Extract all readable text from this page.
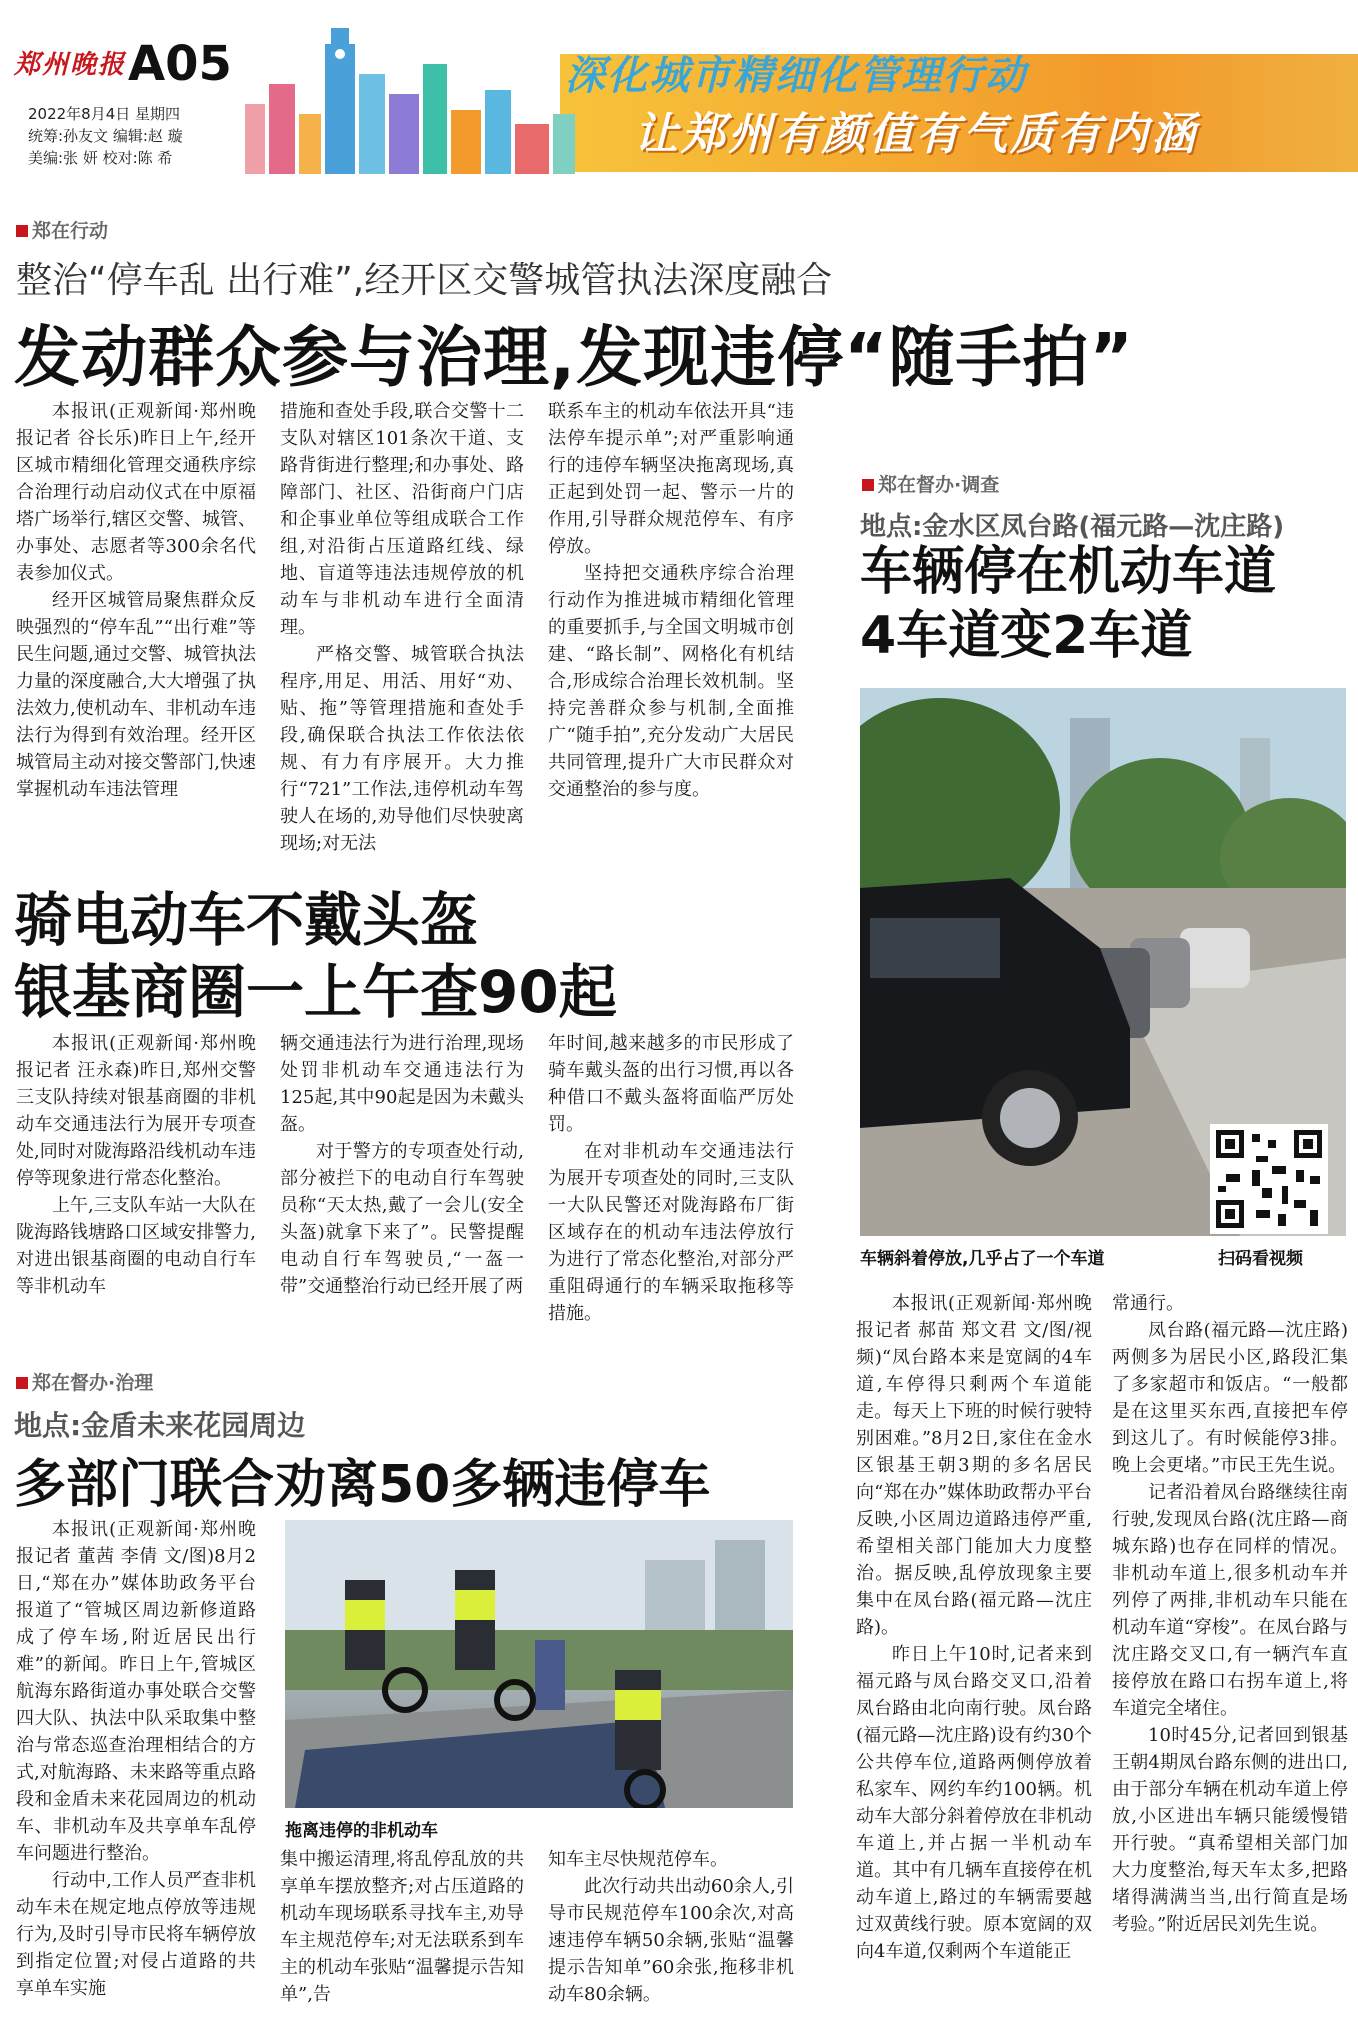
郑州晚报 A05
2022年8月4日 星期四
统筹:孙友文 编辑:赵 璇
美编:张 妍 校对:陈 希
深化城市精细化管理行动
让郑州有颜值有气质有内涵
郑在行动
整治“停车乱 出行难”,经开区交警城管执法深度融合
发动群众参与治理,发现违停“随手拍”

本报讯(正观新闻·郑州晚报记者 谷长乐)昨日上午,经开区城市精细化管理交通秩序综合治理行动启动仪式在中原福塔广场举行,辖区交警、城管、办事处、志愿者等300余名代表参加仪式。

经开区城管局聚焦群众反映强烈的“停车乱”“出行难”等民生问题,通过交警、城管执法力量的深度融合,大大增强了执法效力,使机动车、非机动车违法行为得到有效治理。经开区城管局主动对接交警部门,快速掌握机动车违法管理

措施和查处手段,联合交警十二支队对辖区101条次干道、支路背街进行整理;和办事处、路障部门、社区、沿街商户门店和企事业单位等组成联合工作组,对沿街占压道路红线、绿地、盲道等违法违规停放的机动车与非机动车进行全面清理。

严格交警、城管联合执法程序,用足、用活、用好“劝、贴、拖”等管理措施和查处手段,确保联合执法工作依法依规、有力有序展开。大力推行“721”工作法,违停机动车驾驶人在场的,劝导他们尽快驶离现场;对无法

联系车主的机动车依法开具“违法停车提示单”;对严重影响通行的违停车辆坚决拖离现场,真正起到处罚一起、警示一片的作用,引导群众规范停车、有序停放。

坚持把交通秩序综合治理行动作为推进城市精细化管理的重要抓手,与全国文明城市创建、“路长制”、网格化有机结合,形成综合治理长效机制。坚持完善群众参与机制,全面推广“随手拍”,充分发动广大居民共同管理,提升广大市民群众对交通整治的参与度。

骑电动车不戴头盔
银基商圈一上午查90起

本报讯(正观新闻·郑州晚报记者 汪永森)昨日,郑州交警三支队持续对银基商圈的非机动车交通违法行为展开专项查处,同时对陇海路沿线机动车违停等现象进行常态化整治。

上午,三支队车站一大队在陇海路钱塘路口区域安排警力,对进出银基商圈的电动自行车等非机动车

辆交通违法行为进行治理,现场处罚非机动车交通违法行为125起,其中90起是因为未戴头盔。

对于警方的专项查处行动,部分被拦下的电动自行车驾驶员称“天太热,戴了一会儿(安全头盔)就拿下来了”。民警提醒电动自行车驾驶员,“一盔一带”交通整治行动已经开展了两

年时间,越来越多的市民形成了骑车戴头盔的出行习惯,再以各种借口不戴头盔将面临严厉处罚。

在对非机动车交通违法行为展开专项查处的同时,三支队一大队民警还对陇海路布厂街区域存在的机动车违法停放行为进行了常态化整治,对部分严重阻碍通行的车辆采取拖移等措施。

郑在督办·治理
地点:金盾未来花园周边
多部门联合劝离50多辆违停车

本报讯(正观新闻·郑州晚报记者 董茜 李倩 文/图)8月2日,“郑在办”媒体助政务平台报道了“管城区周边新修道路成了停车场,附近居民出行难”的新闻。昨日上午,管城区航海东路街道办事处联合交警四大队、执法中队采取集中整治与常态巡查治理相结合的方式,对航海路、未来路等重点路段和金盾未来花园周边的机动车、非机动车及共享单车乱停车问题进行整治。

行动中,工作人员严查非机动车未在规定地点停放等违规行为,及时引导市民将车辆停放到指定位置;对侵占道路的共享单车实施

拖离违停的非机动车

集中搬运清理,将乱停乱放的共享单车摆放整齐;对占压道路的机动车现场联系寻找车主,劝导车主规范停车;对无法联系到车主的机动车张贴“温馨提示告知单”,告

知车主尽快规范停车。

此次行动共出动60余人,引导市民规范停车100余次,对高速违停车辆50余辆,张贴“温馨提示告知单”60余张,拖移非机动车80余辆。

郑在督办·调查
地点:金水区凤台路(福元路—沈庄路)
车辆停在机动车道
4车道变2车道
车辆斜着停放,几乎占了一个车道	扫码看视频

本报讯(正观新闻·郑州晚报记者 郝苗 郑文君 文/图/视频)“凤台路本来是宽阔的4车道,车停得只剩两个车道能走。每天上下班的时候行驶特别困难。”8月2日,家住在金水区银基王朝3期的多名居民向“郑在办”媒体助政帮办平台反映,小区周边道路违停严重,希望相关部门能加大力度整治。据反映,乱停放现象主要集中在凤台路(福元路—沈庄路)。

昨日上午10时,记者来到福元路与凤台路交叉口,沿着凤台路由北向南行驶。凤台路(福元路—沈庄路)设有约30个公共停车位,道路两侧停放着私家车、网约车约100辆。机动车大部分斜着停放在非机动车道上,并占据一半机动车道。其中有几辆车直接停在机动车道上,路过的车辆需要越过双黄线行驶。原本宽阔的双向4车道,仅剩两个车道能正

常通行。

凤台路(福元路—沈庄路)两侧多为居民小区,路段汇集了多家超市和饭店。“一般都是在这里买东西,直接把车停到这儿了。有时候能停3排。晚上会更堵。”市民王先生说。

记者沿着凤台路继续往南行驶,发现凤台路(沈庄路—商城东路)也存在同样的情况。非机动车道上,很多机动车并列停了两排,非机动车只能在机动车道“穿梭”。在凤台路与沈庄路交叉口,有一辆汽车直接停放在路口右拐车道上,将车道完全堵住。

10时45分,记者回到银基王朝4期凤台路东侧的进出口,由于部分车辆在机动车道上停放,小区进出车辆只能缓慢错开行驶。“真希望相关部门加大力度整治,每天车太多,把路堵得满满当当,出行简直是场考验。”附近居民刘先生说。
